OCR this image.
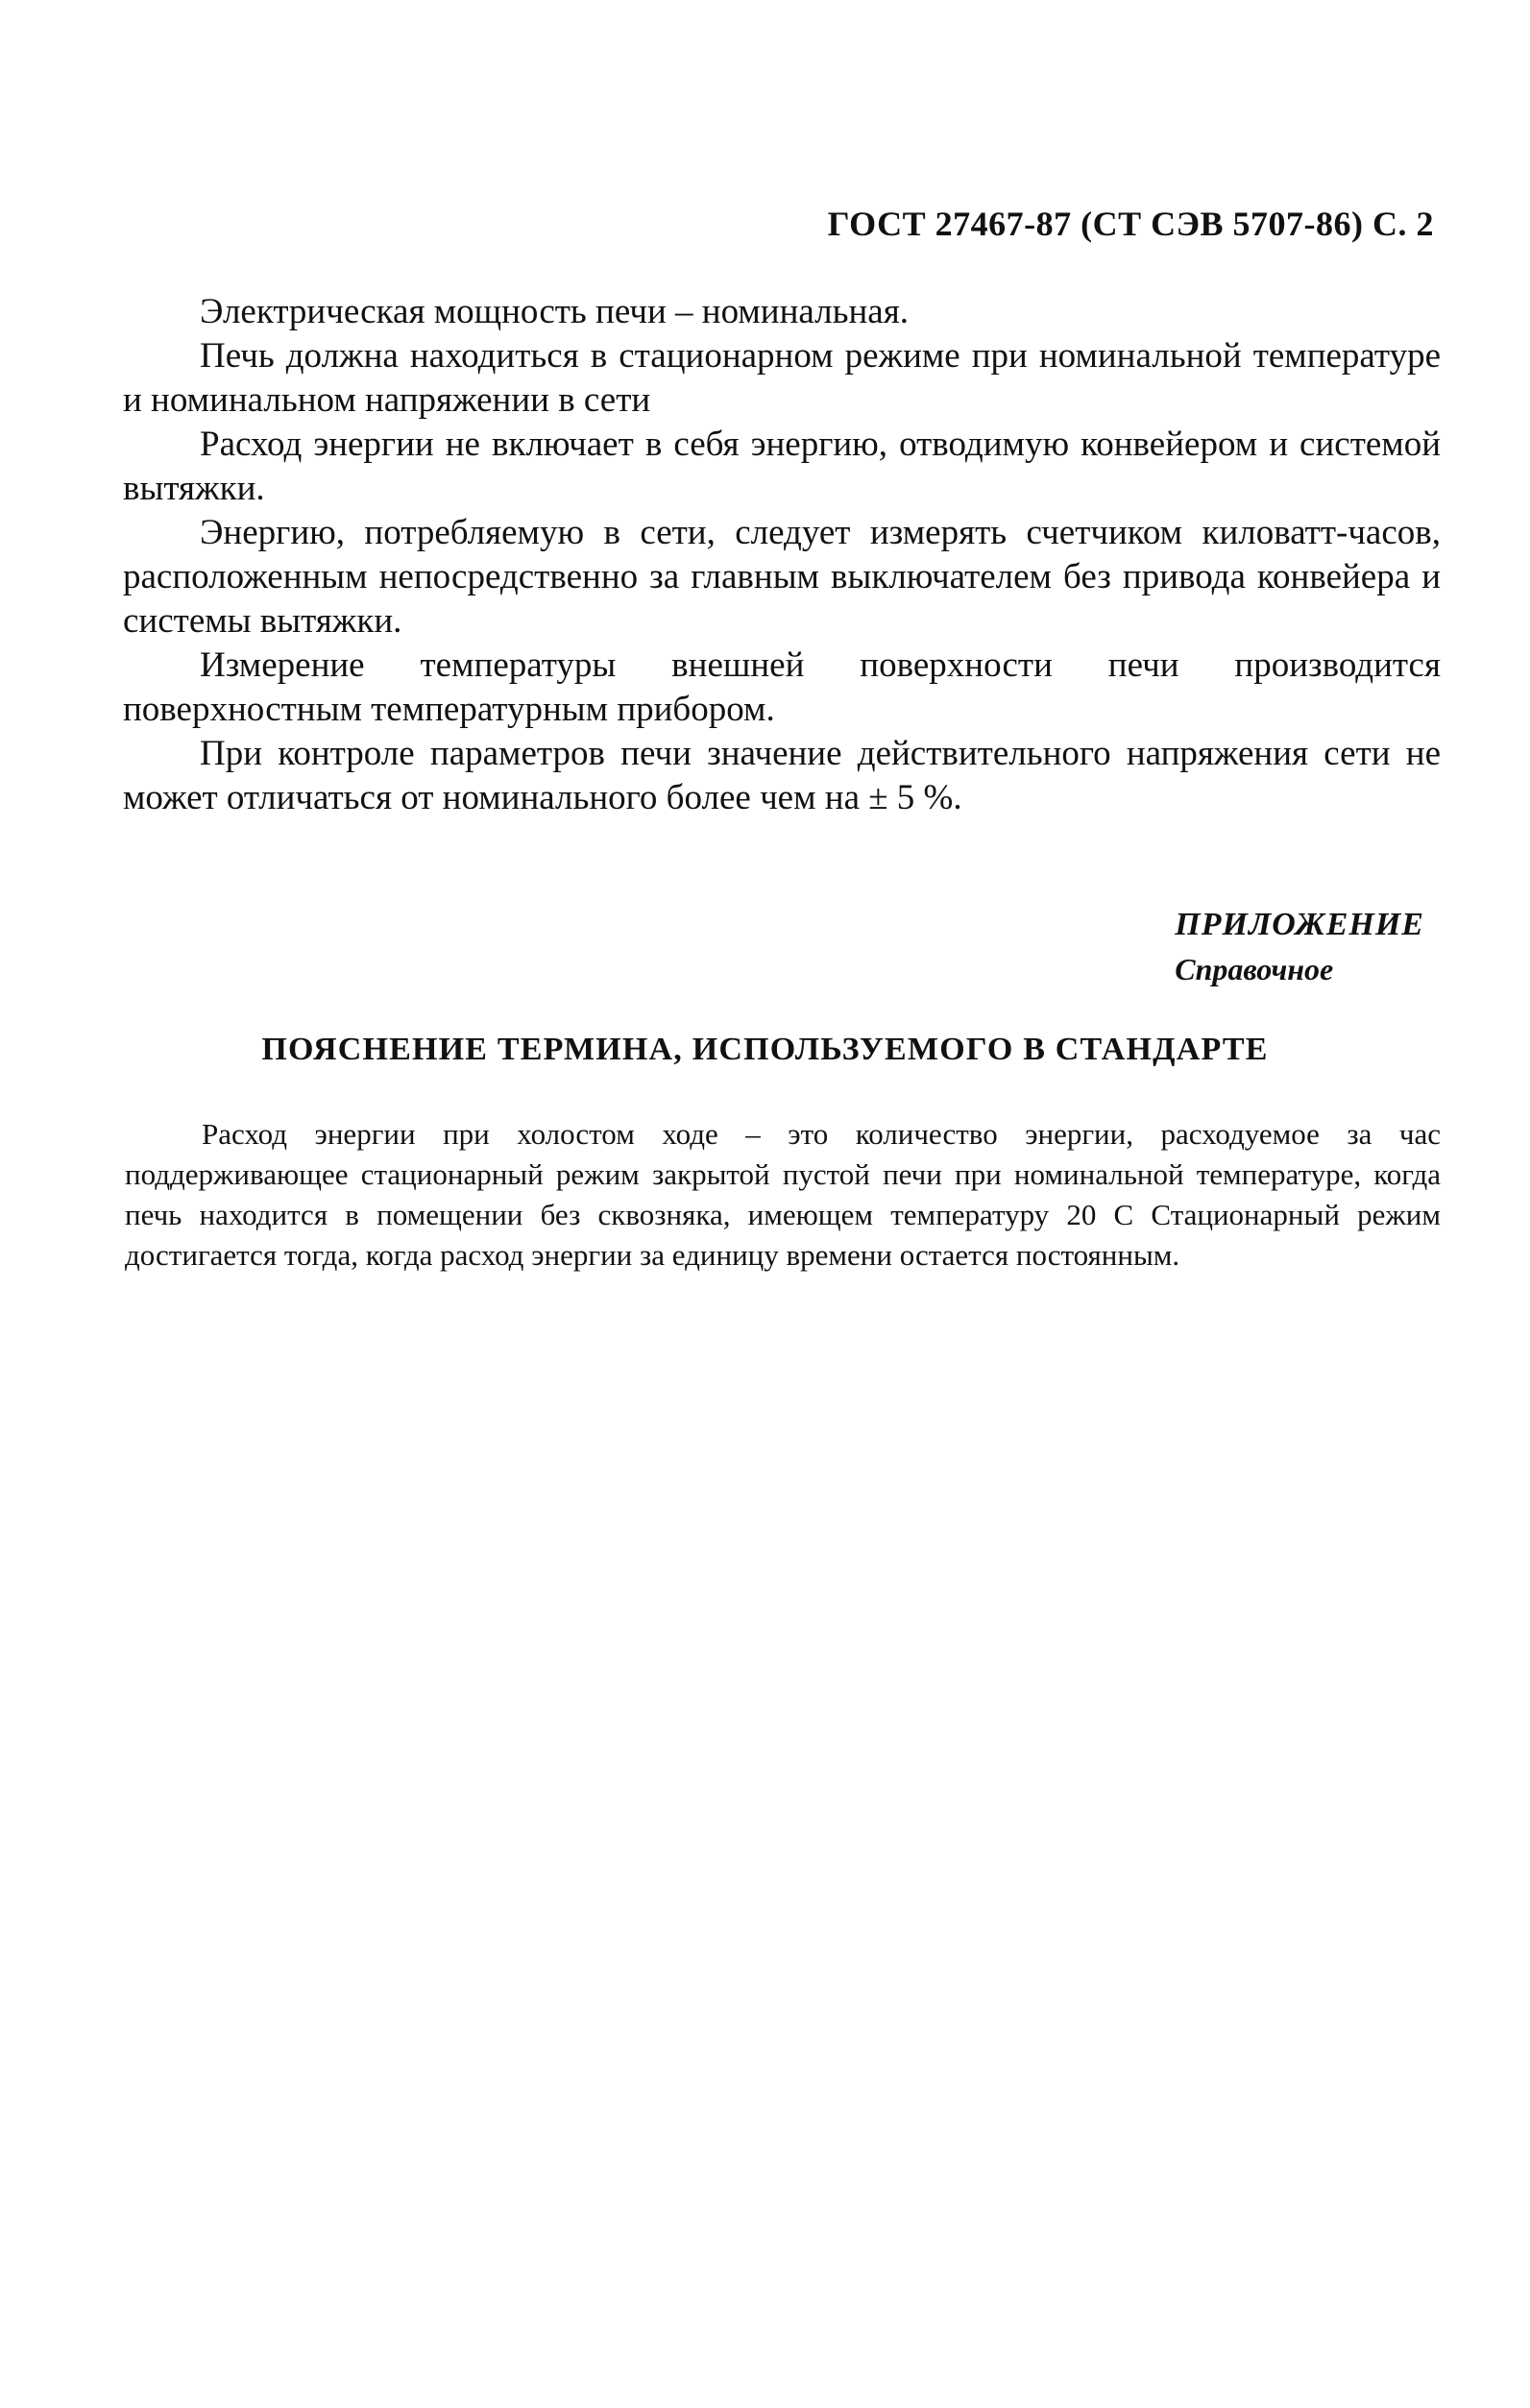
ГОСТ 27467-87 (СТ СЭВ 5707-86) С. 2

Электрическая мощность печи – номинальная.

Печь должна находиться в стационарном режиме при номинальной температуре и номинальном напряжении в сети

Расход энергии не включает в себя энергию, отводимую конвейером и системой вытяжки.

Энергию, потребляемую в сети, следует измерять счетчиком киловатт-часов, расположенным непосредственно за главным выключателем без привода конвейера и системы вытяжки.

Измерение температуры внешней поверхности печи производится поверхностным температурным прибором.

При контроле параметров печи значение действительного напряжения сети не может отличаться от номинального более чем на ± 5 %.

ПРИЛОЖЕНИЕ
Справочное
ПОЯСНЕНИЕ ТЕРМИНА, ИСПОЛЬЗУЕМОГО В СТАНДАРТЕ

Расход энергии при холостом ходе – это количество энергии, расходуемое за час поддерживающее стационарный режим закрытой пустой печи при номинальной температуре, когда печь находится в помещении без сквозняка, имеющем температуру 20 С Стационарный режим достигается тогда, когда расход энергии за единицу времени остается постоянным.
